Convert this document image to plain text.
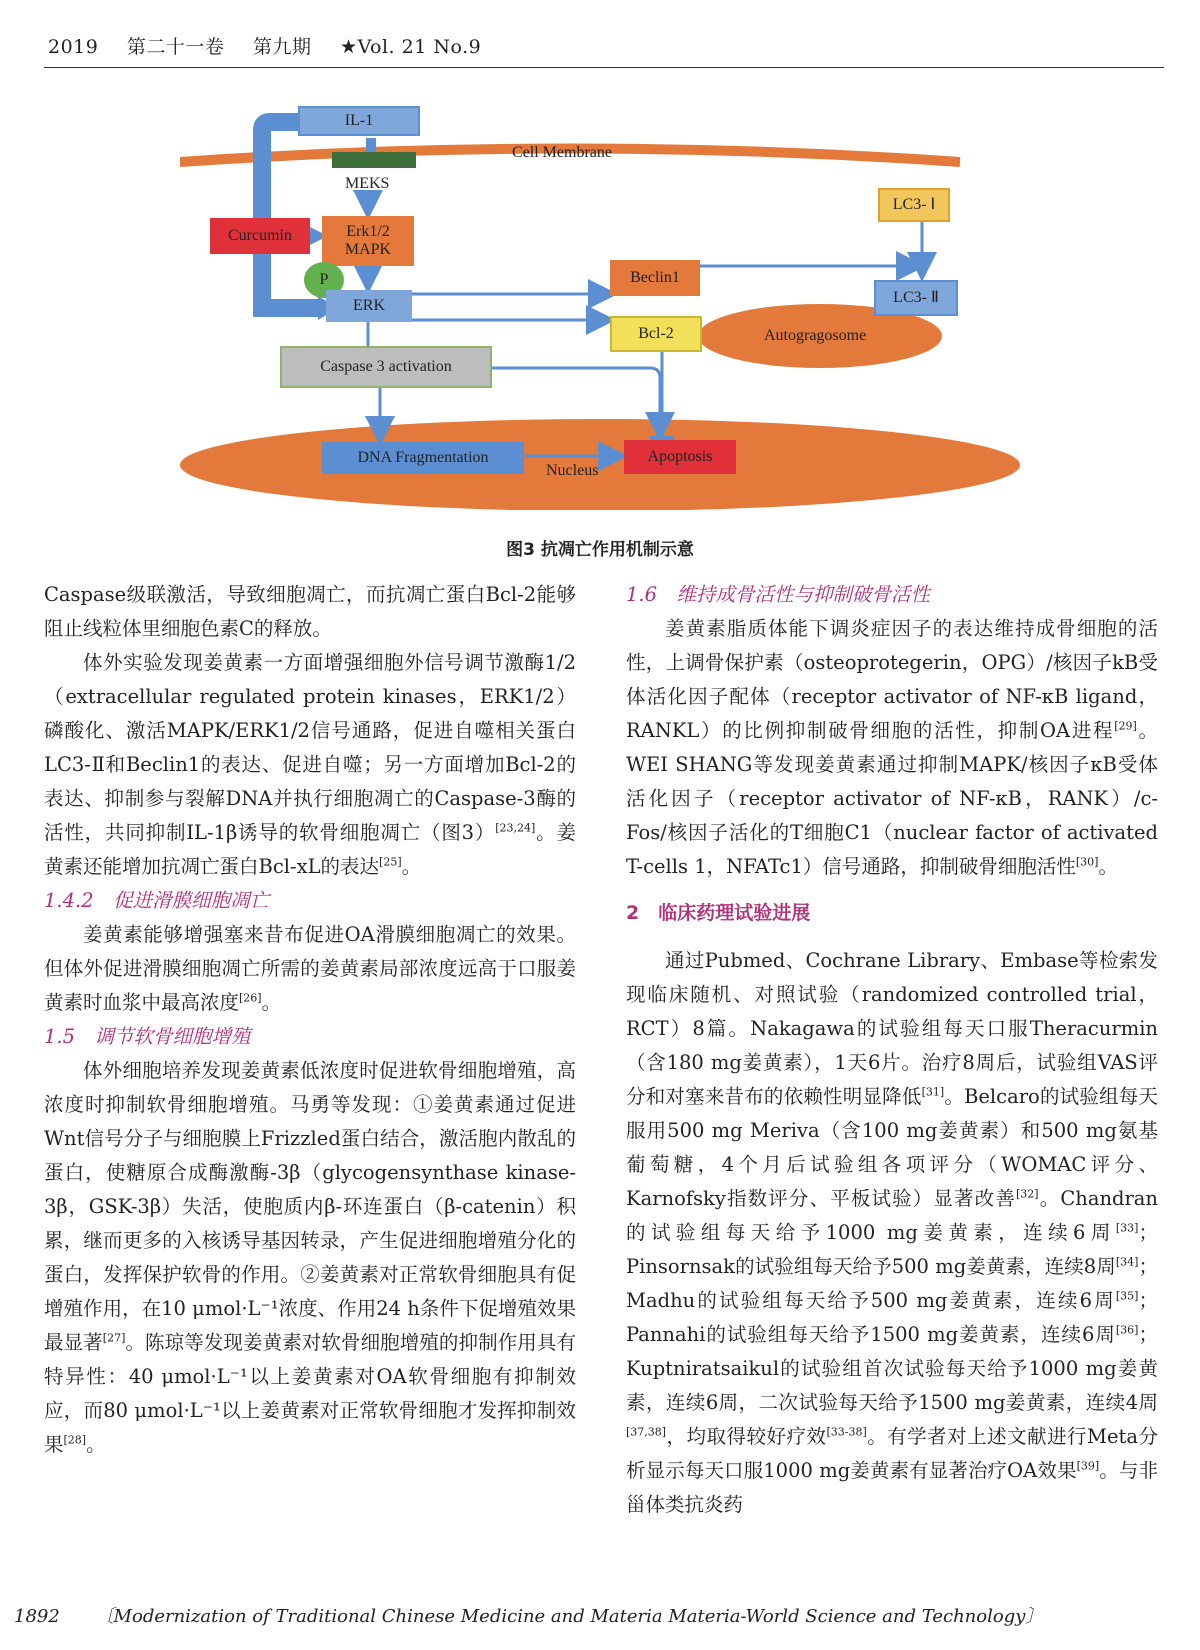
2019 第二十一卷 第九期 ★Vol. 21 No.9
IL-1
Cell Membrane
MEKS
Curcumin	Erk1/2
MAPK
P
ERK
LC3- Ⅰ
LC3- Ⅱ
Beclin1
Bcl-2	Autogragosome
Caspase 3 activation
DNA Fragmentation
Nucleus
Apoptosis
图3 抗凋亡作用机制示意

Caspase级联激活，导致细胞凋亡，而抗凋亡蛋白Bcl-2能够阻止线粒体里细胞色素C的释放。

体外实验发现姜黄素一方面增强细胞外信号调节激酶1/2（extracellular regulated protein kinases，ERK1/2）磷酸化、激活MAPK/ERK1/2信号通路，促进自噬相关蛋白LC3-Ⅱ和Beclin1的表达、促进自噬；另一方面增加Bcl-2的表达、抑制参与裂解DNA并执行细胞凋亡的Caspase-3酶的活性，共同抑制IL-1β诱导的软骨细胞凋亡（图3）[23,24]。姜黄素还能增加抗凋亡蛋白Bcl-xL的表达[25]。

1.4.2　促进滑膜细胞凋亡

姜黄素能够增强塞来昔布促进OA滑膜细胞凋亡的效果。但体外促进滑膜细胞凋亡所需的姜黄素局部浓度远高于口服姜黄素时血浆中最高浓度[26]。

1.5　调节软骨细胞增殖

体外细胞培养发现姜黄素低浓度时促进软骨细胞增殖，高浓度时抑制软骨细胞增殖。马勇等发现：①姜黄素通过促进Wnt信号分子与细胞膜上Frizzled蛋白结合，激活胞内散乱的蛋白，使糖原合成酶激酶-3β（glycogensynthase kinase-3β，GSK-3β）失活，使胞质内β-环连蛋白（β-catenin）积累，继而更多的入核诱导基因转录，产生促进细胞增殖分化的蛋白，发挥保护软骨的作用。②姜黄素对正常软骨细胞具有促增殖作用，在10 μmol·L⁻¹浓度、作用24 h条件下促增殖效果最显著[27]。陈琼等发现姜黄素对软骨细胞增殖的抑制作用具有特异性：40 μmol·L⁻¹以上姜黄素对OA软骨细胞有抑制效应，而80 μmol·L⁻¹以上姜黄素对正常软骨细胞才发挥抑制效果[28]。

1.6　维持成骨活性与抑制破骨活性

姜黄素脂质体能下调炎症因子的表达维持成骨细胞的活性，上调骨保护素（osteoprotegerin，OPG）/核因子kB受体活化因子配体（receptor activator of NF-κB ligand，RANKL）的比例抑制破骨细胞的活性，抑制OA进程[29]。WEI SHANG等发现姜黄素通过抑制MAPK/核因子κB受体活化因子（receptor activator of NF-κB，RANK）/c-Fos/核因子活化的T细胞C1（nuclear factor of activated T-cells 1，NFATc1）信号通路，抑制破骨细胞活性[30]。

2　临床药理试验进展

通过Pubmed、Cochrane Library、Embase等检索发现临床随机、对照试验（randomized controlled trial，RCT）8篇。Nakagawa的试验组每天口服Theracurmin（含180 mg姜黄素），1天6片。治疗8周后，试验组VAS评分和对塞来昔布的依赖性明显降低[31]。Belcaro的试验组每天服用500 mg Meriva（含100 mg姜黄素）和500 mg氨基葡萄糖，4个月后试验组各项评分（WOMAC评分、Karnofsky指数评分、平板试验）显著改善[32]。Chandran的试验组每天给予1000 mg姜黄素，连续6周[33]；Pinsornsak的试验组每天给予500 mg姜黄素，连续8周[34]；Madhu的试验组每天给予500 mg姜黄素，连续6周[35]；Pannahi的试验组每天给予1500 mg姜黄素，连续6周[36]；Kuptniratsaikul的试验组首次试验每天给予1000 mg姜黄素，连续6周，二次试验每天给予1500 mg姜黄素，连续4周[37,38]，均取得较好疗效[33-38]。有学者对上述文献进行Meta分析显示每天口服1000 mg姜黄素有显著治疗OA效果[39]。与非甾体类抗炎药

1892 〔Modernization of Traditional Chinese Medicine and Materia Materia-World Science and Technology〕
